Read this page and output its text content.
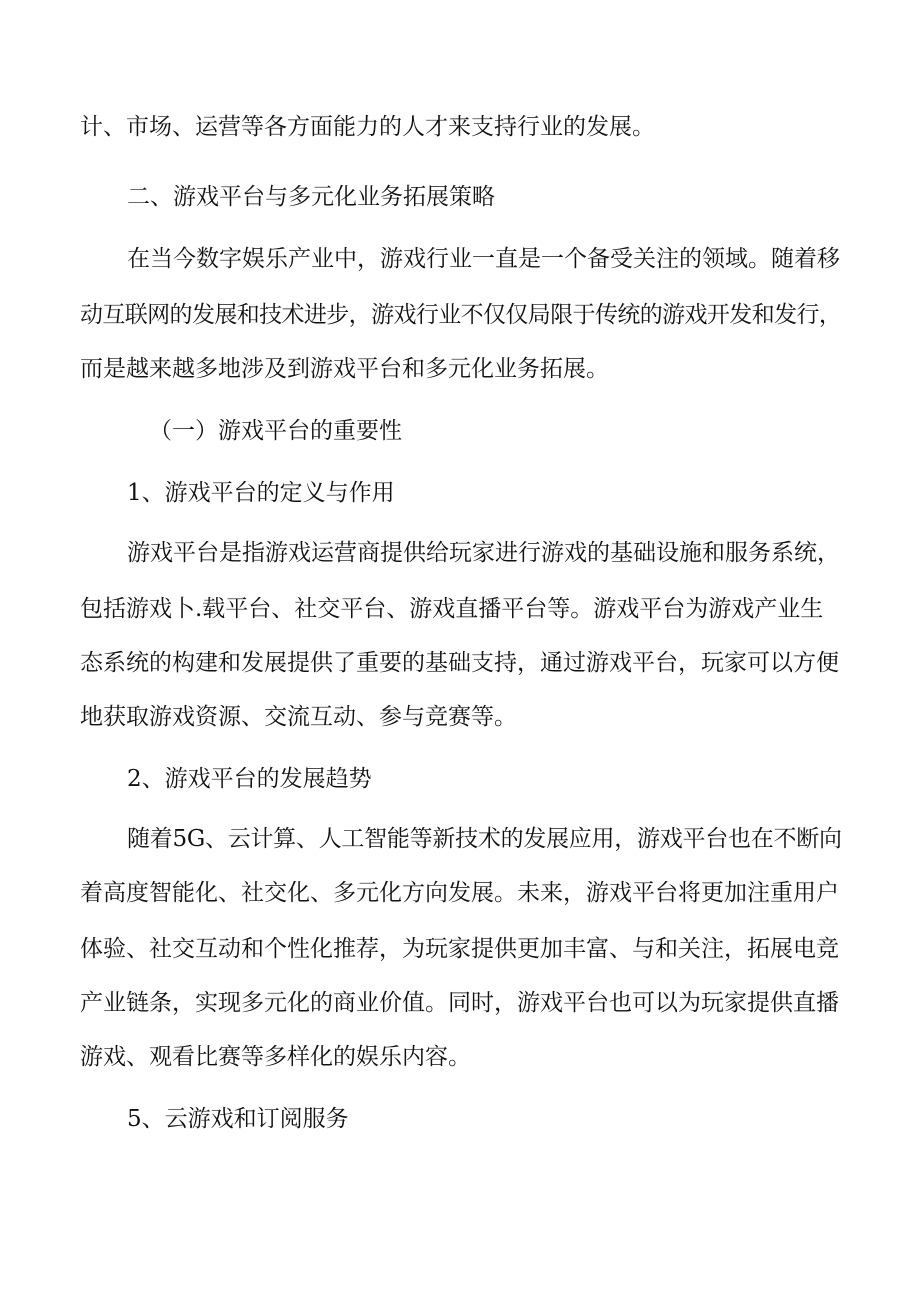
计、市场、运营等各方面能力的人才来支持行业的发展。
二、游戏平台与多元化业务拓展策略
在当今数字娱乐产业中，游戏行业一直是一个备受关注的领域。随着移
动互联网的发展和技术进步，游戏行业不仅仅局限于传统的游戏开发和发行，
而是越来越多地涉及到游戏平台和多元化业务拓展。
（一）游戏平台的重要性
1、游戏平台的定义与作用
游戏平台是指游戏运营商提供给玩家进行游戏的基础设施和服务系统，
包括游戏卜.载平台、社交平台、游戏直播平台等。游戏平台为游戏产业生
态系统的构建和发展提供了重要的基础支持，通过游戏平台，玩家可以方便
地获取游戏资源、交流互动、参与竞赛等。
2、游戏平台的发展趋势
随着5G、云计算、人工智能等新技术的发展应用，游戏平台也在不断向
着高度智能化、社交化、多元化方向发展。未来，游戏平台将更加注重用户
体验、社交互动和个性化推荐，为玩家提供更加丰富、与和关注，拓展电竞
产业链条，实现多元化的商业价值。同时，游戏平台也可以为玩家提供直播
游戏、观看比赛等多样化的娱乐内容。
5、云游戏和订阅服务
